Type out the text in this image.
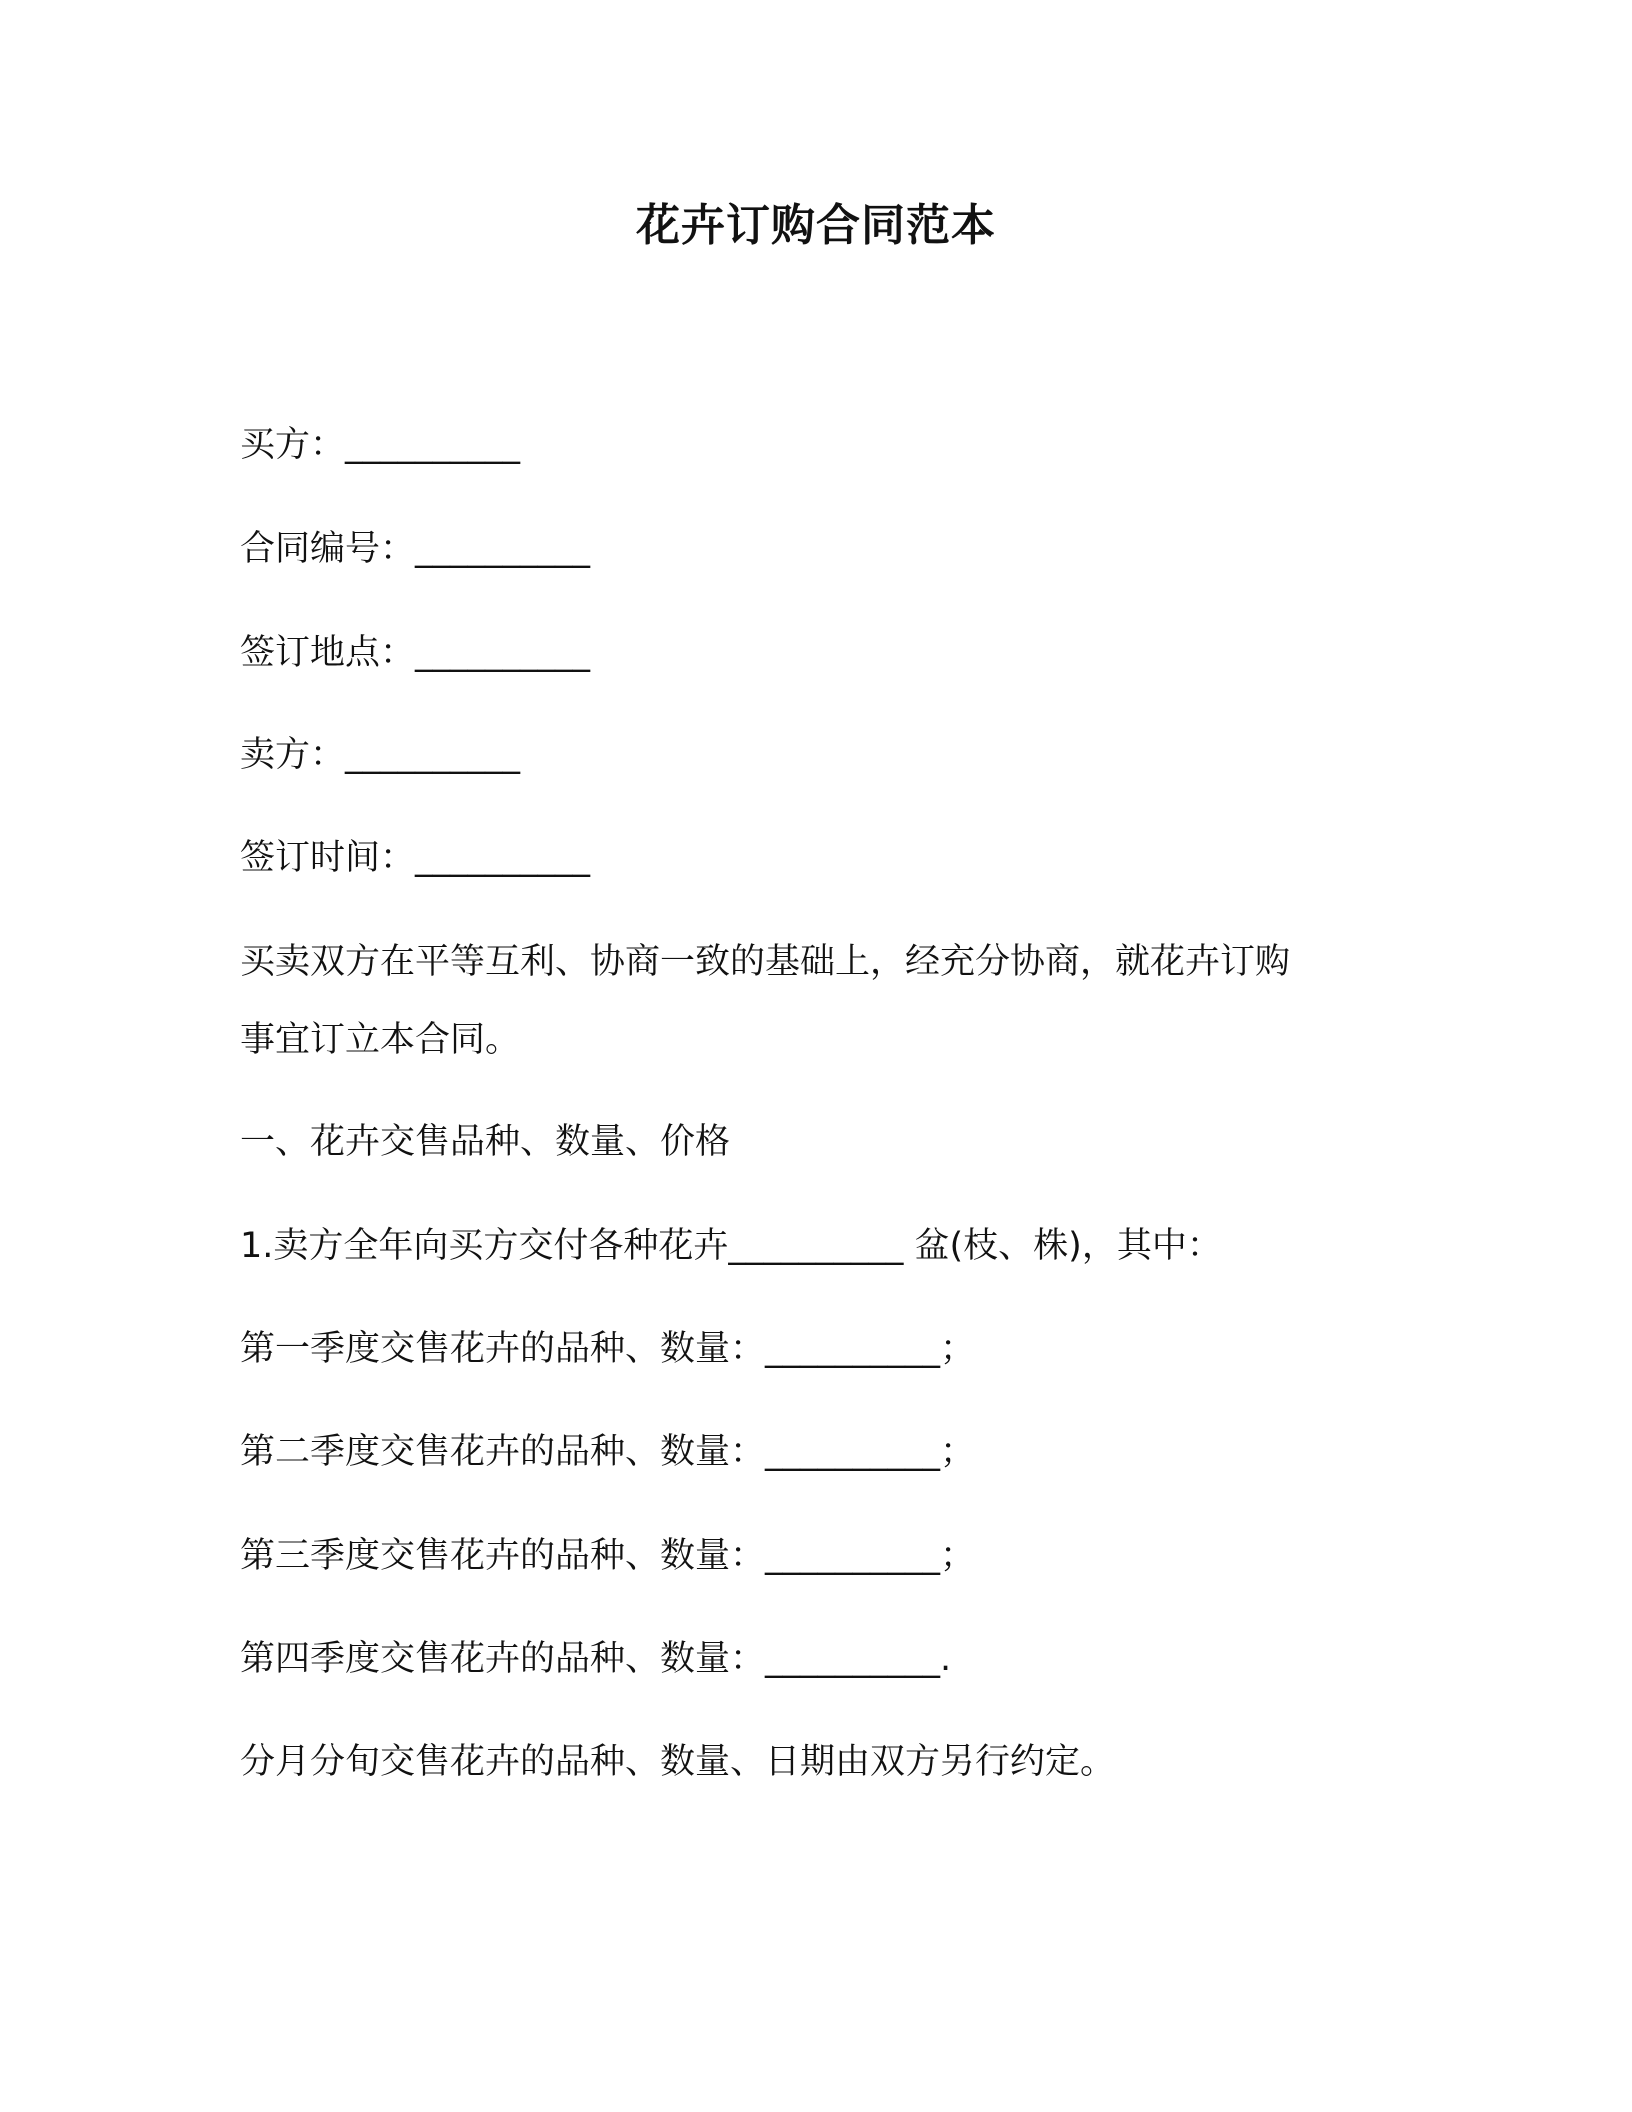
花卉订购合同范本
买方：__________
合同编号：__________
签订地点：__________
卖方：__________
签订时间：__________
买卖双方在平等互利、协商一致的基础上，经充分协商，就花卉订购
事宜订立本合同。
一、花卉交售品种、数量、价格
1.卖方全年向买方交付各种花卉__________ 盆(枝、株)，其中：
第一季度交售花卉的品种、数量：__________；
第二季度交售花卉的品种、数量：__________；
第三季度交售花卉的品种、数量：__________；
第四季度交售花卉的品种、数量：__________.
分月分旬交售花卉的品种、数量、日期由双方另行约定。
